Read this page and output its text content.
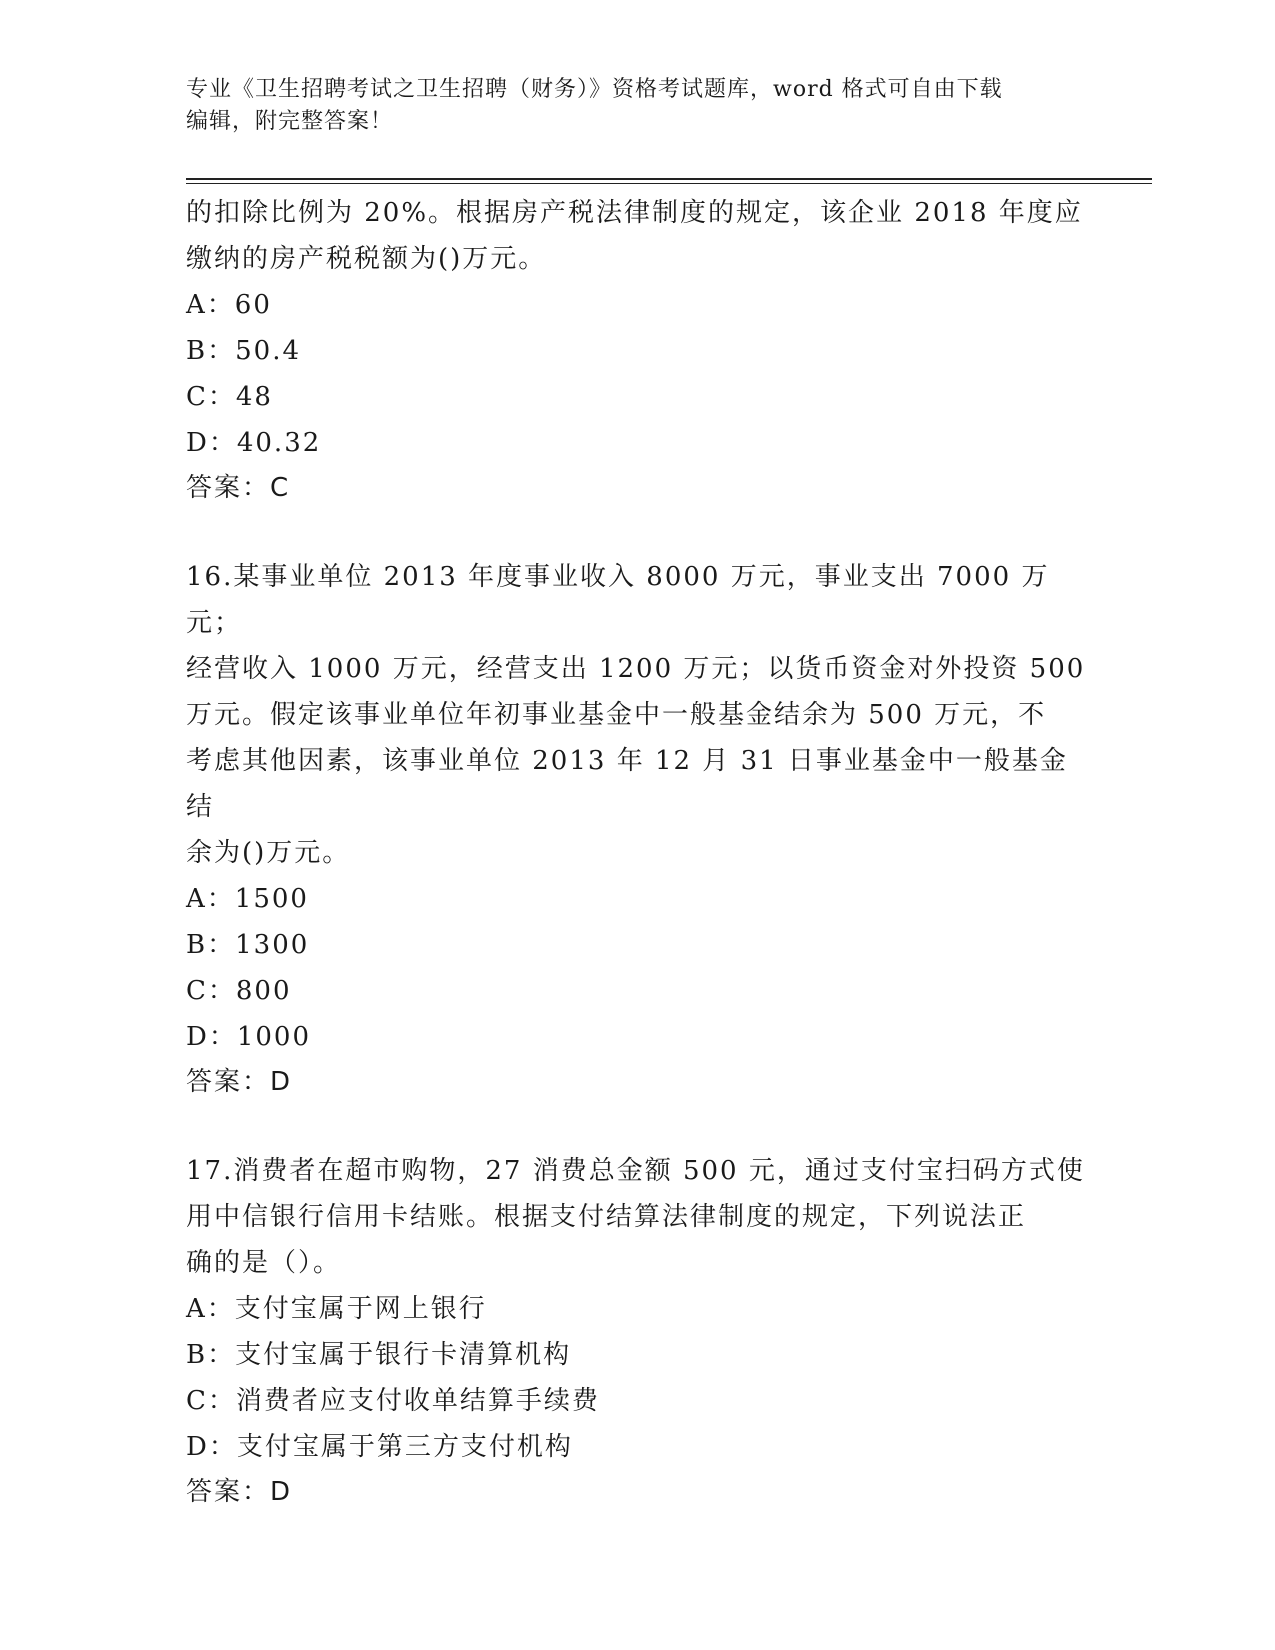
专业《卫生招聘考试之卫生招聘（财务）》资格考试题库，word 格式可自由下载
编辑，附完整答案！
的扣除比例为 20%。根据房产税法律制度的规定，该企业 2018 年度应
缴纳的房产税税额为()万元。
A：60
B：50.4
C：48
D：40.32
答案：C
16.某事业单位 2013 年度事业收入 8000 万元，事业支出 7000 万元；
经营收入 1000 万元，经营支出 1200 万元；以货币资金对外投资 500
万元。假定该事业单位年初事业基金中一般基金结余为 500 万元，不
考虑其他因素，该事业单位 2013 年 12 月 31 日事业基金中一般基金结
余为()万元。
A：1500
B：1300
C：800
D：1000
答案：D
17.消费者在超市购物，27 消费总金额 500 元，通过支付宝扫码方式使
用中信银行信用卡结账。根据支付结算法律制度的规定，下列说法正
确的是（）。
A：支付宝属于网上银行
B：支付宝属于银行卡清算机构
C：消费者应支付收单结算手续费
D：支付宝属于第三方支付机构
答案：D
